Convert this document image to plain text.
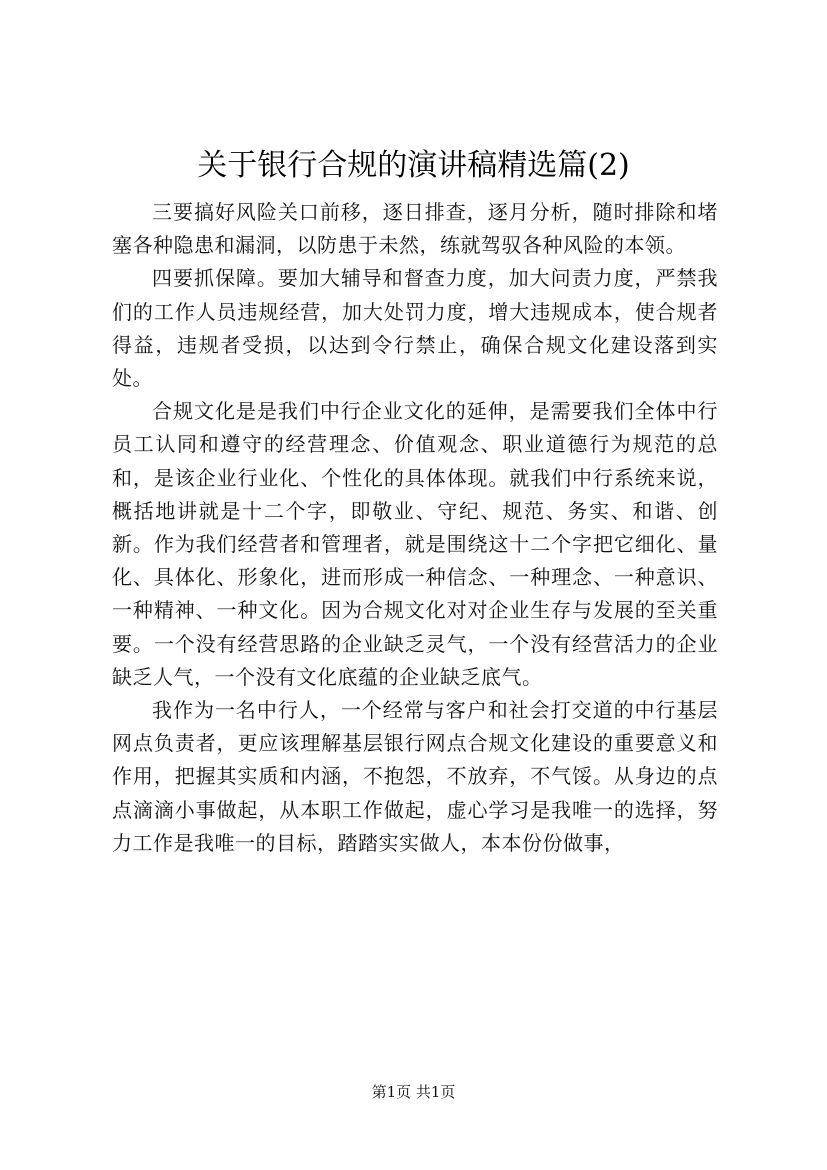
关于银行合规的演讲稿精选篇(2)

三要搞好风险关口前移，逐日排查，逐月分析，随时排除和堵塞各种隐患和漏洞，以防患于未然，练就驾驭各种风险的本领。

四要抓保障。要加大辅导和督查力度，加大问责力度，严禁我们的工作人员违规经营，加大处罚力度，增大违规成本，使合规者得益，违规者受损，以达到令行禁止，确保合规文化建设落到实处。

合规文化是是我们中行企业文化的延伸，是需要我们全体中行员工认同和遵守的经营理念、价值观念、职业道德行为规范的总和，是该企业行业化、个性化的具体体现。就我们中行系统来说，概括地讲就是十二个字，即敬业、守纪、规范、务实、和谐、创新。作为我们经营者和管理者，就是围绕这十二个字把它细化、量化、具体化、形象化，进而形成一种信念、一种理念、一种意识、一种精神、一种文化。因为合规文化对对企业生存与发展的至关重要。一个没有经营思路的企业缺乏灵气，一个没有经营活力的企业缺乏人气，一个没有文化底蕴的企业缺乏底气。

我作为一名中行人，一个经常与客户和社会打交道的中行基层网点负责者，更应该理解基层银行网点合规文化建设的重要意义和作用，把握其实质和内涵，不抱怨，不放弃，不气馁。从身边的点点滴滴小事做起，从本职工作做起，虚心学习是我唯一的选择，努力工作是我唯一的目标，踏踏实实做人，本本份份做事，

第1页 共1页
